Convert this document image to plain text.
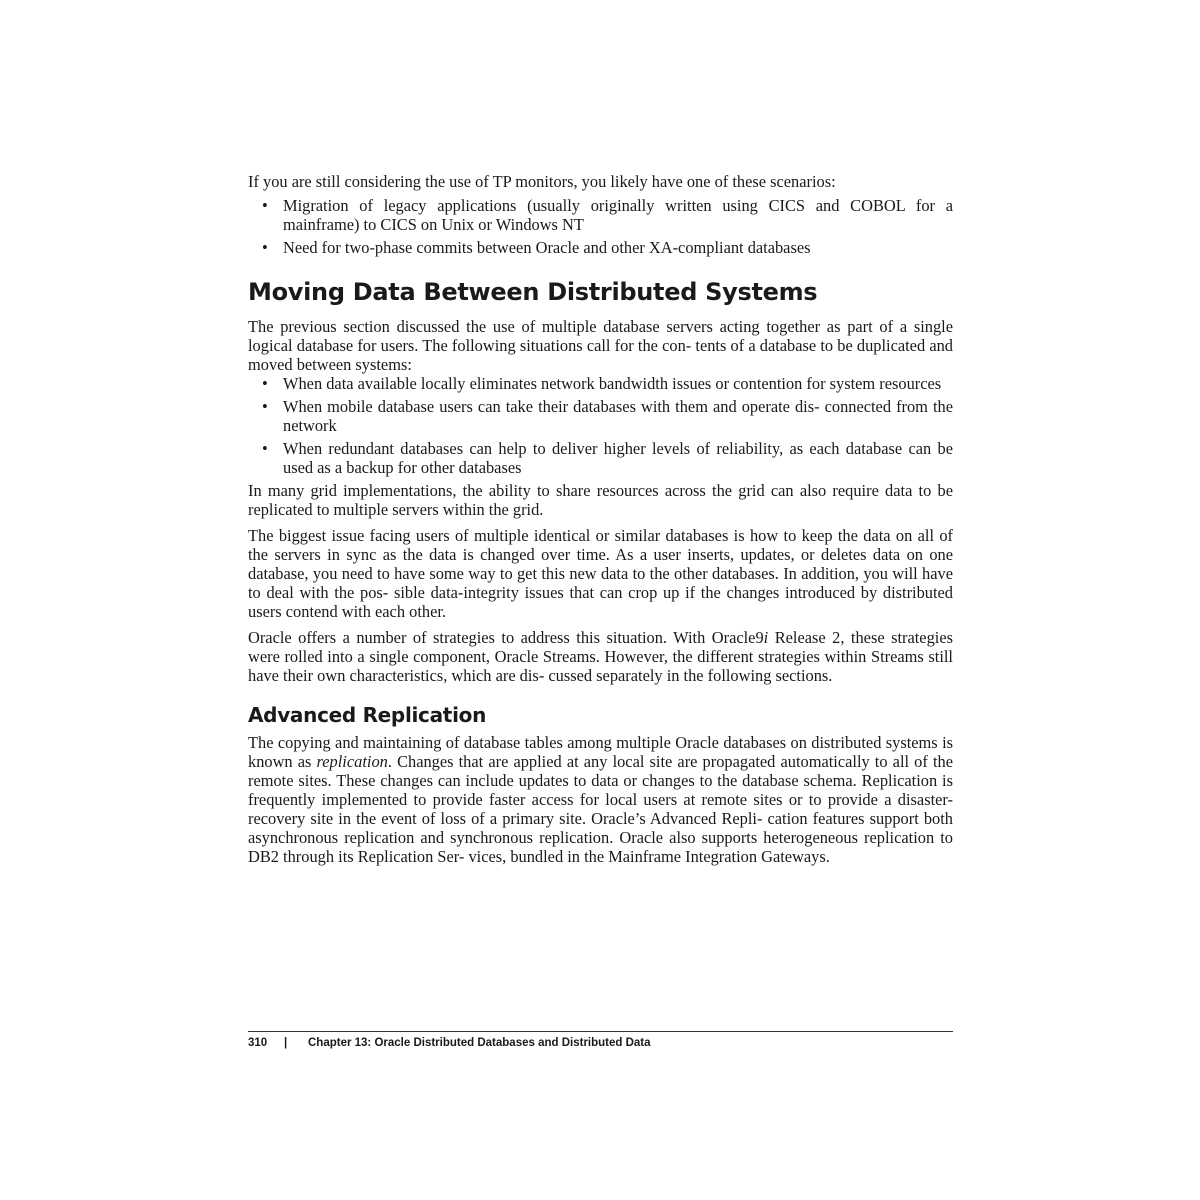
If you are still considering the use of TP monitors, you likely have one of these scenarios:

• Migration of legacy applications (usually originally written using CICS and COBOL for a mainframe) to CICS on Unix or Windows NT
• Need for two-phase commits between Oracle and other XA-compliant databases
Moving Data Between Distributed Systems

The previous section discussed the use of multiple database servers acting together as part of a single logical database for users. The following situations call for the con- tents of a database to be duplicated and moved between systems:

• When data available locally eliminates network bandwidth issues or contention for system resources
• When mobile database users can take their databases with them and operate dis- connected from the network
• When redundant databases can help to deliver higher levels of reliability, as each database can be used as a backup for other databases

In many grid implementations, the ability to share resources across the grid can also require data to be replicated to multiple servers within the grid.

The biggest issue facing users of multiple identical or similar databases is how to keep the data on all of the servers in sync as the data is changed over time. As a user inserts, updates, or deletes data on one database, you need to have some way to get this new data to the other databases. In addition, you will have to deal with the pos- sible data-integrity issues that can crop up if the changes introduced by distributed users contend with each other.

Oracle offers a number of strategies to address this situation. With Oracle9i Release 2, these strategies were rolled into a single component, Oracle Streams. However, the different strategies within Streams still have their own characteristics, which are dis- cussed separately in the following sections.

Advanced Replication

The copying and maintaining of database tables among multiple Oracle databases on distributed systems is known as replication. Changes that are applied at any local site are propagated automatically to all of the remote sites. These changes can include updates to data or changes to the database schema. Replication is frequently implemented to provide faster access for local users at remote sites or to provide a disaster-recovery site in the event of loss of a primary site. Oracle’s Advanced Repli- cation features support both asynchronous replication and synchronous replication. Oracle also supports heterogeneous replication to DB2 through its Replication Ser- vices, bundled in the Mainframe Integration Gateways.

310 | Chapter 13: Oracle Distributed Databases and Distributed Data
